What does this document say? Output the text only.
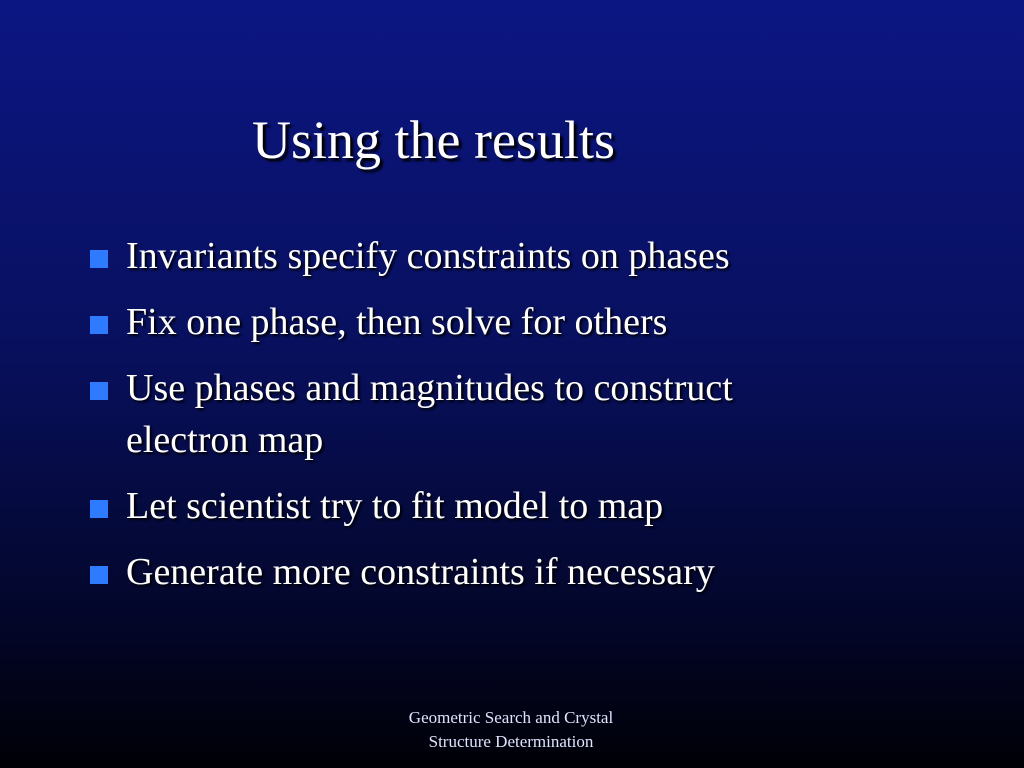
Using the results
Invariants specify constraints on phases
Fix one phase, then solve for others
Use phases and magnitudes to construct
electron map
Let scientist try to fit model to map
Generate more constraints if necessary
Geometric Search and Crystal
Structure Determination
